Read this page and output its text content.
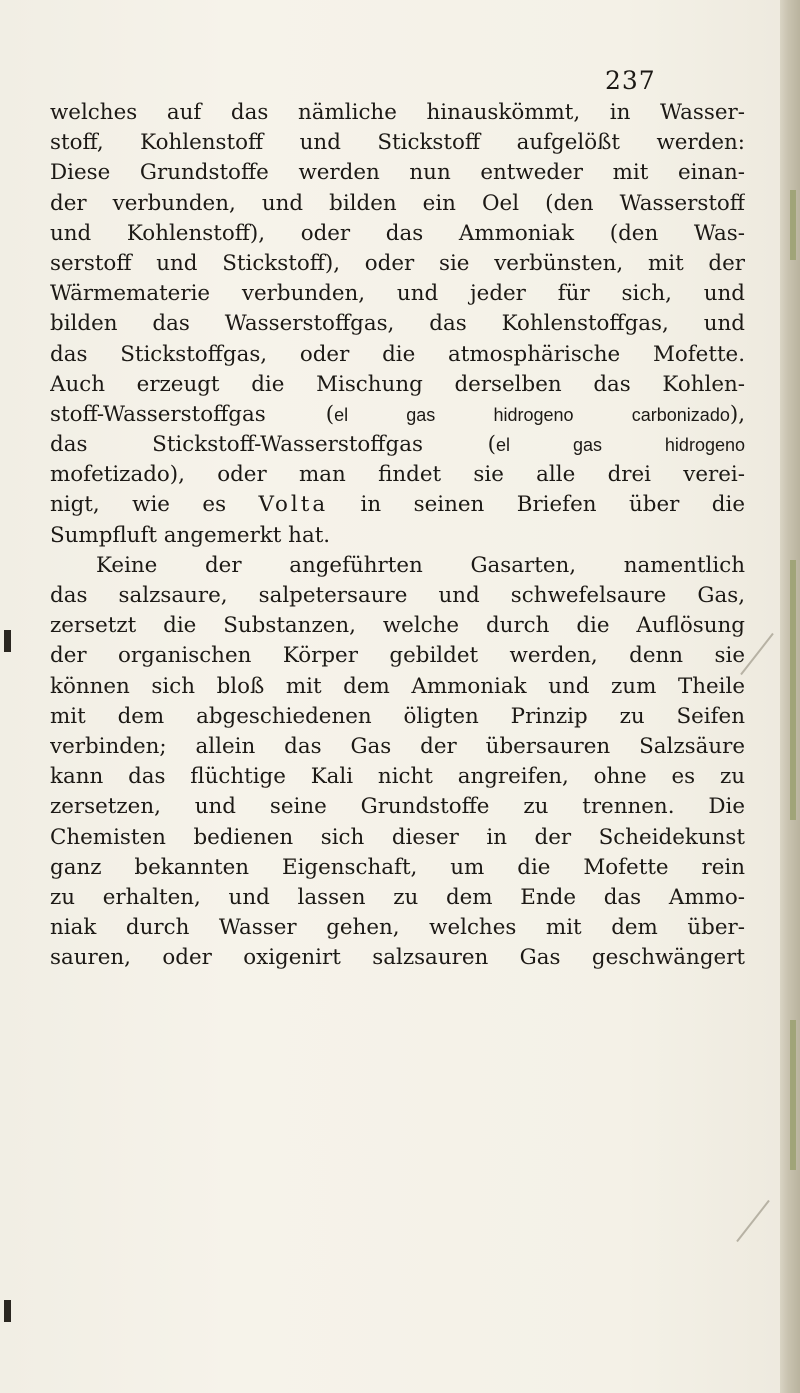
237
welches auf das nämliche hinauskömmt, in Wasser-
stoff, Kohlenstoff und Stickstoff aufgelößt werden:
Diese Grundstoffe werden nun entweder mit einan-
der verbunden, und bilden ein Oel (den Wasserstoff
und Kohlenstoff), oder das Ammoniak (den Was-
serstoff und Stickstoff), oder sie verbünsten, mit der
Wärmematerie verbunden, und jeder für sich, und
bilden das Wasserstoffgas, das Kohlenstoffgas, und
das Stickstoffgas, oder die atmosphärische Mofette.
Auch erzeugt die Mischung derselben das Kohlen-
stoff-Wasserstoffgas (el gas hidrogeno carbonizado),
das Stickstoff-Wasserstoffgas (el gas hidrogeno
mofetizado), oder man findet sie alle drei verei-
nigt, wie es Volta in seinen Briefen über die
Sumpfluft angemerkt hat.
Keine der angeführten Gasarten, namentlich
das salzsaure, salpetersaure und schwefelsaure Gas,
zersetzt die Substanzen, welche durch die Auflösung
der organischen Körper gebildet werden, denn sie
können sich bloß mit dem Ammoniak und zum Theile
mit dem abgeschiedenen öligten Prinzip zu Seifen
verbinden; allein das Gas der übersauren Salzsäure
kann das flüchtige Kali nicht angreifen, ohne es zu
zersetzen, und seine Grundstoffe zu trennen. Die
Chemisten bedienen sich dieser in der Scheidekunst
ganz bekannten Eigenschaft, um die Mofette rein
zu erhalten, und lassen zu dem Ende das Ammo-
niak durch Wasser gehen, welches mit dem über-
sauren, oder oxigenirt salzsauren Gas geschwängert
